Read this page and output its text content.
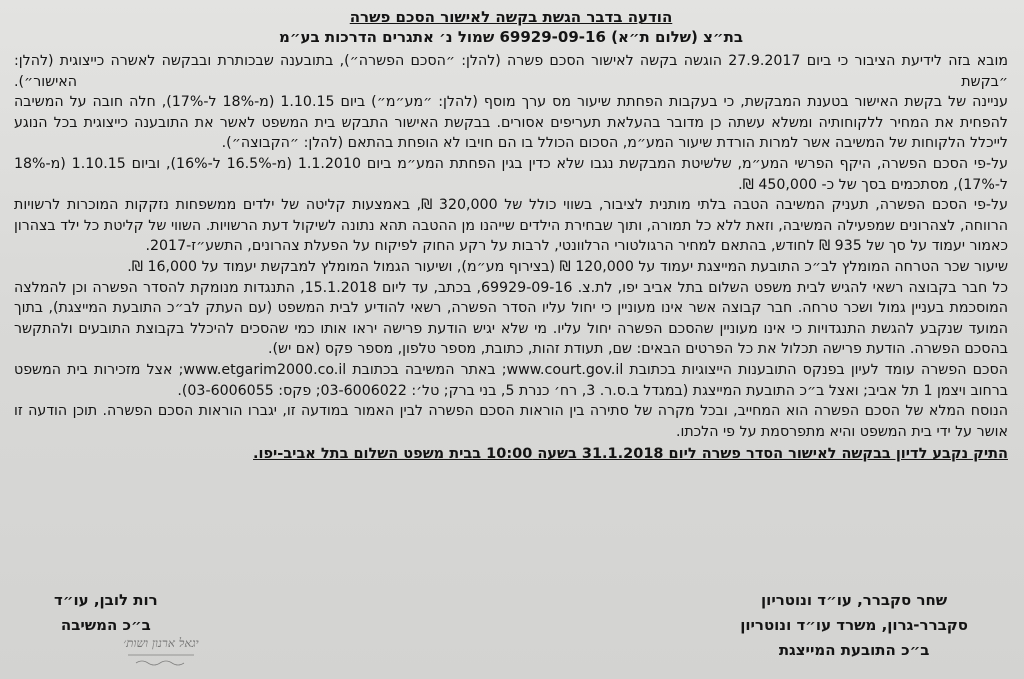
הודעה בדבר הגשת בקשה לאישור הסכם פשרה
בת״צ (שלום ת״א) 69929-09-16 שמול נ׳ אתגרים הדרכות בע״מ

מובא בזה לידיעת הציבור כי ביום 27.9.2017 הוגשה בקשה לאישור הסכם פשרה (להלן: ״הסכם הפשרה״), בתובענה שבכותרת ובבקשה לאשרה כייצוגית (להלן: ״בקשת האישור״).

עניינה של בקשת האישור בטענת המבקשת, כי בעקבות הפחתת שיעור מס ערך מוסף (להלן: ״מע״מ״) ביום 1.10.15 (מ-18% ל-17%), חלה חובה על המשיבה להפחית את המחיר ללקוחותיה ומשלא עשתה כן מדובר בהעלאת תעריפים אסורים. בבקשת האישור התבקש בית המשפט לאשר את התובענה כייצוגית בכל הנוגע לייכלל הלקוחות של המשיבה אשר למרות הורדת שיעור המע״מ, הסכום הכולל בו הם חויבו לא הופחת בהתאם (להלן: ״הקבוצה״).

על-פי הסכם הפשרה, היקף הפרשי המע״מ, שלשיטת המבקשת נגבו שלא כדין בגין הפחתת המע״מ ביום 1.1.2010 (מ-16.5% ל-16%), וביום 1.10.15 (מ-18% ל-17%), מסתכמים בסך של כ- 450,000 ₪.

על-פי הסכם הפשרה, תעניק המשיבה הטבה בלתי מותנית לציבור, בשווי כולל של 320,000 ₪, באמצעות קליטה של ילדים ממשפחות נזקקות המוכרות לרשויות הרווחה, לצהרונים שמפעילה המשיבה, וזאת ללא כל תמורה, ותוך שבחירת הילדים שייהנו מן ההטבה תהא נתונה לשיקול דעת הרשויות. השווי של קליטת כל ילד בצהרון כאמור יעמוד על סך של 935 ₪ לחודש, בהתאם למחיר הרגולטורי הרלוונטי, לרבות על רקע החוק לפיקוח על הפעלת צהרונים, התשע״ז-2017.

שיעור שכר הטרחה המומלץ לב״כ התובעת המייצגת יעמוד על 120,000 ₪ (בצירוף מע״מ), ושיעור הגמול המומלץ למבקשת יעמוד על 16,000 ₪.

כל חבר בקבוצה רשאי להגיש לבית משפט השלום בתל אביב יפו, לת.צ. 69929-09-16, בכתב, עד ליום 15.1.2018, התנגדות מנומקת להסדר הפשרה וכן להמלצה המוסכמת בעניין גמול ושכר טרחה. חבר קבוצה אשר אינו מעוניין כי יחול עליו הסדר הפשרה, רשאי להודיע לבית המשפט (עם העתק לב״כ התובעת המייצגת), בתוך המועד שנקבע להגשת התנגדויות כי אינו מעוניין שהסכם הפשרה יחול עליו. מי שלא יגיש הודעת פרישה יראו אותו כמי שהסכים להיכלל בקבוצת התובעים ולהתקשר בהסכם הפשרה. הודעת פרישה תכלול את כל הפרטים הבאים: שם, תעודת זהות, כתובת, מספר טלפון, מספר פקס (אם יש).

הסכם הפשרה עומד לעיון בפנקס התובענות הייצוגיות בכתובת www.court.gov.il; באתר המשיבה בכתובת www.etgarim2000.co.il; אצל מזכירות בית המשפט ברחוב ויצמן 1 תל אביב; ואצל ב״כ התובעת המייצגת (במגדל ב.ס.ר. 3, רח׳ כנרת 5, בני ברק; טל׳: 03-6006022; פקס: 03-6006055).

הנוסח המלא של הסכם הפשרה הוא המחייב, ובכל מקרה של סתירה בין הוראות הסכם הפשרה לבין האמור במודעה זו, יגברו הוראות הסכם הפשרה. תוכן הודעה זו אושר על ידי בית המשפט והיא מתפרסמת על פי הלכתו.

התיק נקבע לדיון בבקשה לאישור הסדר פשרה ליום 31.1.2018 בשעה 10:00 בבית משפט השלום בתל אביב-יפו.

שחר סקברר, עו״ד ונוטריון
סקברר-גרון, משרד עו״ד ונוטריון
ב״כ התובעת המייצגת
רות לובן, עו״ד
ב״כ המשיבה
יגאל ארנון ושות׳
